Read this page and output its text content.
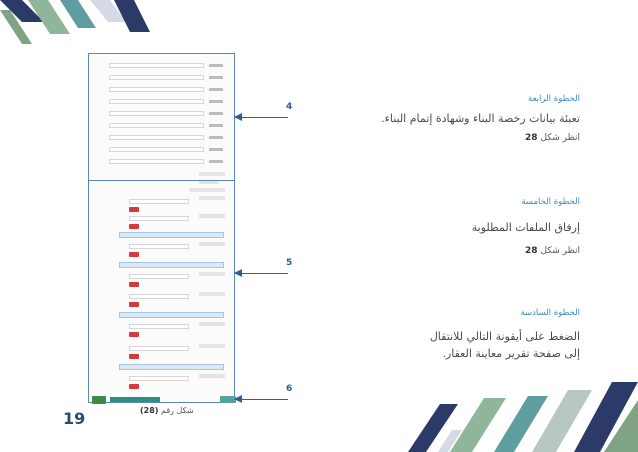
4
5
6
الخطوة الرابعة
تعبئة بيانات رخصة البناء وشهادة إتمام البناء.
انظر شكل 28
الخطوة الخامسة
إرفاق الملفات المطلوبة
انظر شكل 28
الخطوة السادسة
الضغط على أيقونة التالي للانتقال
إلى صفحة تقرير معاينة العقار.
شكل رقم (28)
19
